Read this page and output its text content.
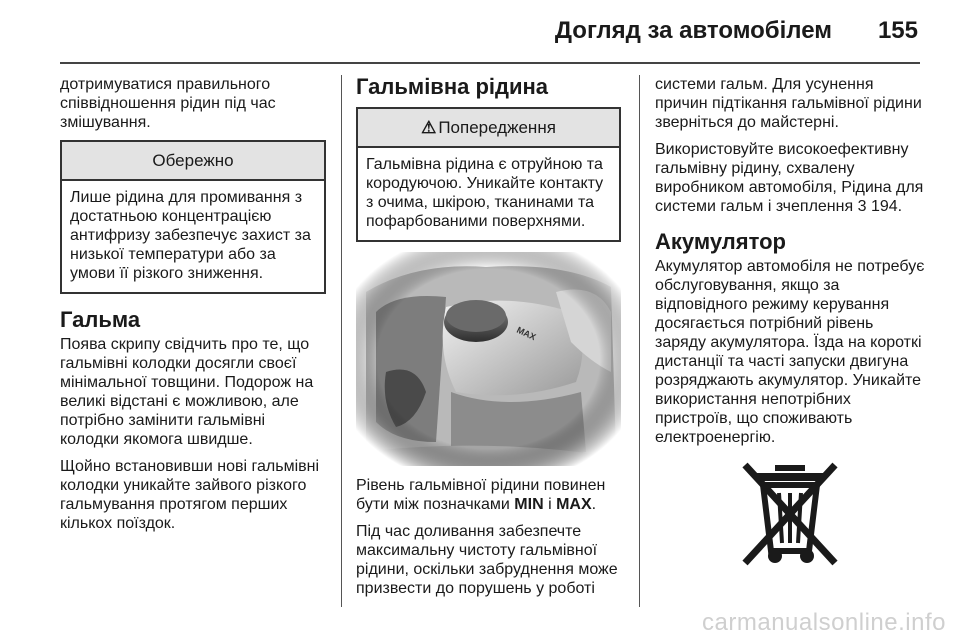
Догляд за автомобілем 155

дотримуватися правильного співвідношення рідин під час змішування.

Обережно
Лише рідина для промивання з достатньою концентрацією антифризу забезпечує захист за низької температури або за умови її різкого зниження.
Гальма

Поява скрипу свідчить про те, що гальмівні колодки досягли своєї мінімальної товщини. Подорож на великі відстані є можливою, але потрібно замінити гальмівні колодки якомога швидше.

Щойно встановивши нові гальмівні колодки уникайте зайвого різкого гальмування протягом перших кількох поїздок.

Гальмівна рідина
⚠ Попередження
Гальмівна рідина є отруйною та кородуючою. Уникайте контакту з очима, шкірою, тканинами та пофарбованими поверхнями.

Рівень гальмівної рідини повинен бути між позначками MIN і MAX.

Під час доливання забезпечте максимальну чистоту гальмівної рідини, оскільки забруднення може призвести до порушень у роботі

системи гальм. Для усунення причин підтікання гальмівної рідини зверніться до майстерні.

Використовуйте високоефективну гальмівну рідину, схвалену виробником автомобіля, Рідина для системи гальм і зчеплення 3 194.

Акумулятор

Акумулятор автомобіля не потребує обслуговування, якщо за відповідного режиму керування досягається потрібний рівень заряду акумулятора. Їзда на короткі дистанції та часті запуски двигуна розряджають акумулятор. Уникайте використання непотрібних пристроїв, що споживають електроенергію.

carmanualsonline.info
